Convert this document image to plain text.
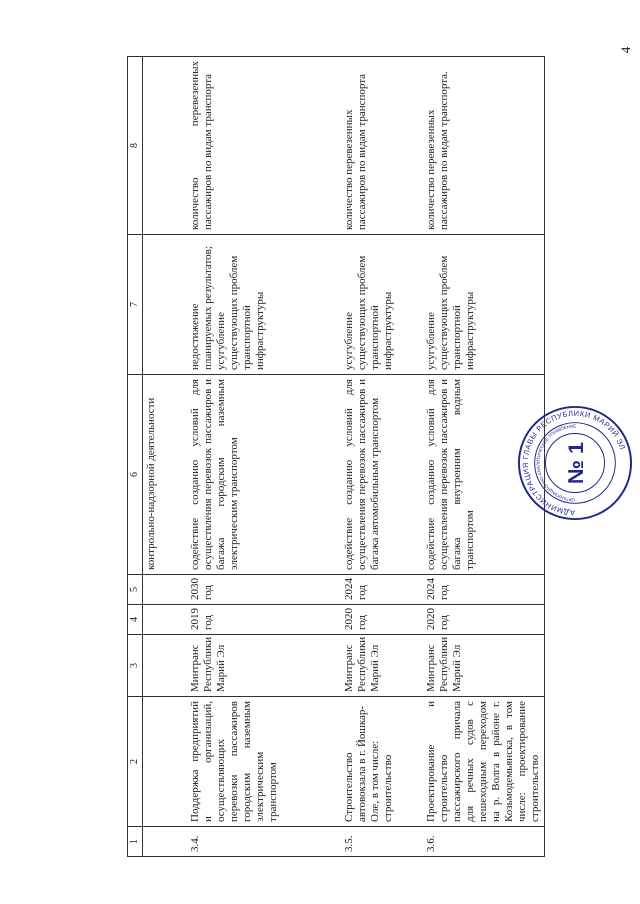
4
1	2	3	4	5	6	7	8
					контрольно-надзорной деятельности		
3.4.	Поддержка предприятий и организаций, осуществляющих перевозки пассажиров городским наземным электрическим транспортом	Минтранс Республики Марий Эл	2019 год	2030 год	содействие созданию условий для осуществления перевозок пассажиров и багажа городским наземным электрическим транспортом	недостижение планируемых результатов; усугубление существующих проблем транспортной инфраструктуры	количество перевезенных пассажиров по видам транспорта
3.5.	Строительство автовокзала в г. Йошкар-Оле, в том числе: строительство	Минтранс Республики Марий Эл	2020 год	2024 год	содействие созданию условий для осуществления перевозок пассажиров и багажа автомобильным транспортом	усугубление существующих проблем транспортной инфраструктуры	количество перевезенных пассажиров по видам транспорта
3.6.	Проектирование и строительство пассажирского причала для речных судов с пешеходным переходом на р. Волга в районе г. Козьмодемьянска, в том числе: проектирование строительство	Минтранс Республики Марий Эл	2020 год	2024 год	содействие созданию условий для осуществления перевозок пассажиров и багажа внутренним водным транспортом	усугубление существующих проблем транспортной инфраструктуры	количество перевезенных пассажиров по видам транспорта.
АДМИНИСТРАЦИЯ ГЛАВЫ РЕСПУБЛИКИ МАРИЙ ЭЛ
ОРГАНИЗАЦИОННО-АНАЛИТИЧЕСКОЕ УПРАВЛЕНИЕ
№ 1
